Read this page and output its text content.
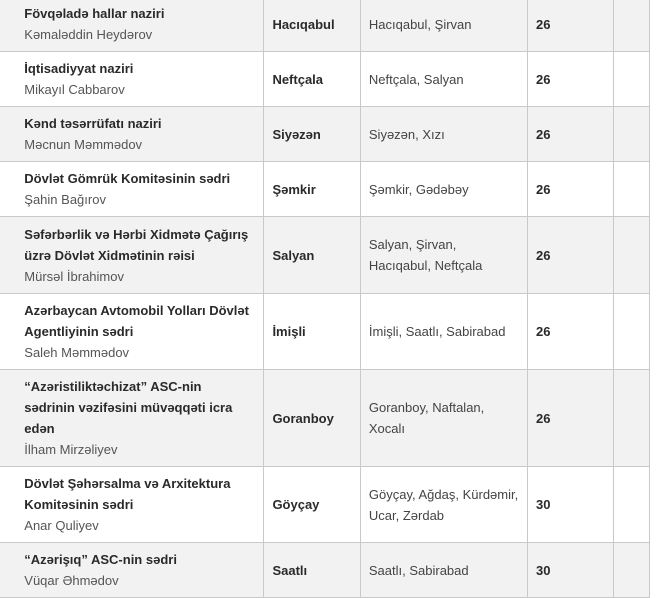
Fövqəladə hallar naziri
Kəmaləddin Heydərov	Hacıqabul	Hacıqabul, Şirvan	26	

İqtisadiyyat naziri
Mikayıl Cabbarov	Neftçala	Neftçala, Salyan	26	

Kənd təsərrüfatı naziri
Məcnun Məmmədov	Siyəzən	Siyəzən, Xızı	26	

Dövlət Gömrük Komitəsinin sədri
Şahin Bağırov	Şəmkir	Şəmkir, Gədəbəy	26	

Səfərbərlik və Hərbi Xidmətə Çağırış üzrə Dövlət Xidmətinin rəisi
Mürsəl İbrahimov	Salyan	Salyan, Şirvan, Hacıqabul, Neftçala	26	

Azərbaycan Avtomobil Yolları Dövlət Agentliyinin sədri
Saleh Məmmədov	İmişli	İmişli, Saatlı, Sabirabad	26	

“Azəristiliktəchizat” ASC-nin sədrinin vəzifəsini müvəqqəti icra edən
İlham Mirzəliyev	Goranboy	Goranboy, Naftalan, Xocalı	26	

Dövlət Şəhərsalma və Arxitektura Komitəsinin sədri
Anar Quliyev	Göyçay	Göyçay, Ağdaş, Kürdəmir, Ucar, Zərdab	30	

“Azərişıq” ASC-nin sədri
Vüqar Əhmədov	Saatlı	Saatlı, Sabirabad	30	
